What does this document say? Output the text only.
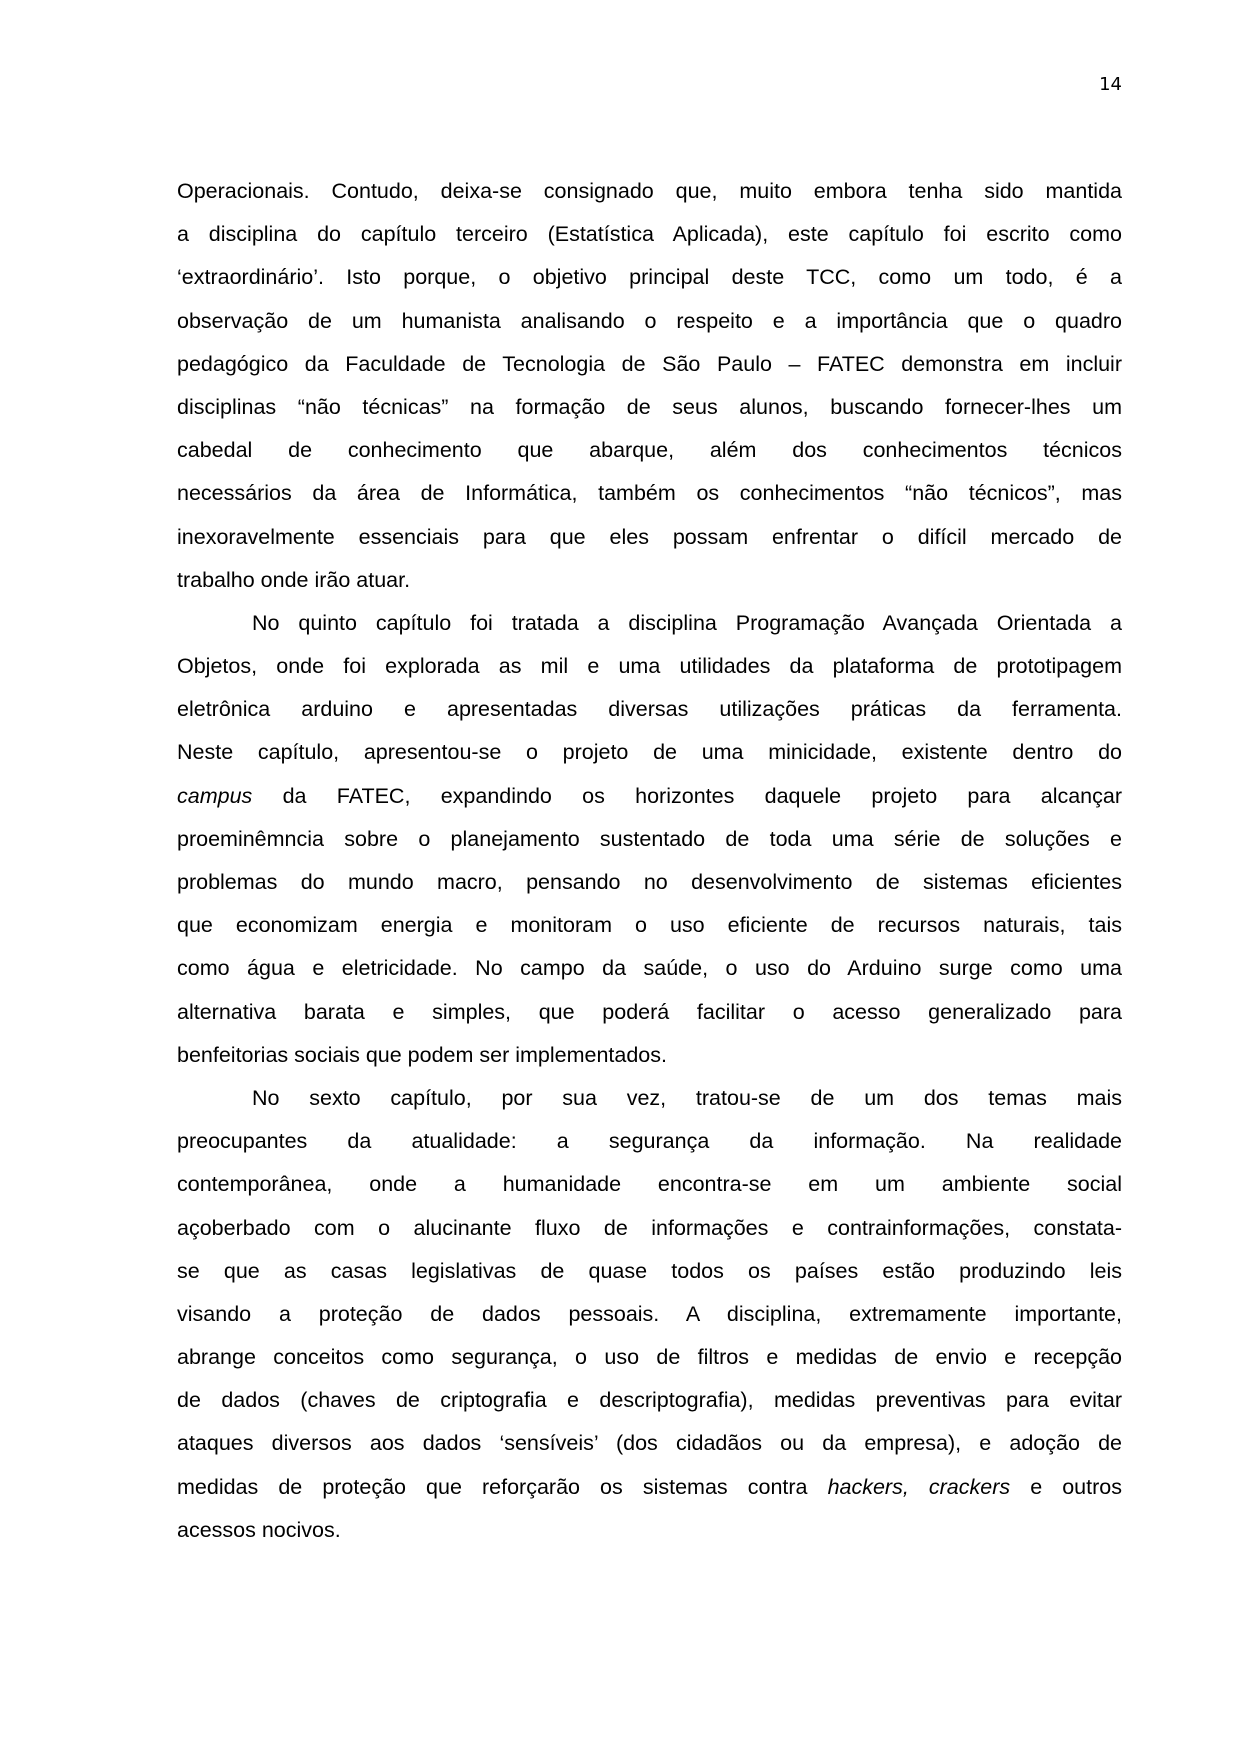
14
Operacionais. Contudo, deixa-se consignado que, muito embora tenha sido mantida
a disciplina do capítulo terceiro (Estatística Aplicada), este capítulo foi escrito como
‘extraordinário’. Isto porque, o objetivo principal deste TCC, como um todo, é a
observação de um humanista analisando o respeito e a importância que o quadro
pedagógico da Faculdade de Tecnologia de São Paulo – FATEC demonstra em incluir
disciplinas “não técnicas” na formação de seus alunos, buscando fornecer-lhes um
cabedal de conhecimento que abarque, além dos conhecimentos técnicos
necessários da área de Informática, também os conhecimentos “não técnicos”, mas
inexoravelmente essenciais para que eles possam enfrentar o difícil mercado de
trabalho onde irão atuar.
No quinto capítulo foi tratada a disciplina Programação Avançada Orientada a
Objetos, onde foi explorada as mil e uma utilidades da plataforma de prototipagem
eletrônica arduino e apresentadas diversas utilizações práticas da ferramenta.
Neste capítulo, apresentou-se o projeto de uma minicidade, existente dentro do
campus da FATEC, expandindo os horizontes daquele projeto para alcançar
proeminêmncia sobre o planejamento sustentado de toda uma série de soluções e
problemas do mundo macro, pensando no desenvolvimento de sistemas eficientes
que economizam energia e monitoram o uso eficiente de recursos naturais, tais
como água e eletricidade. No campo da saúde, o uso do Arduino surge como uma
alternativa barata e simples, que poderá facilitar o acesso generalizado para
benfeitorias sociais que podem ser implementados.
No sexto capítulo, por sua vez, tratou-se de um dos temas mais
preocupantes da atualidade: a segurança da informação. Na realidade
contemporânea, onde a humanidade encontra-se em um ambiente social
açoberbado com o alucinante fluxo de informações e contrainformações, constata-
se que as casas legislativas de quase todos os países estão produzindo leis
visando a proteção de dados pessoais. A disciplina, extremamente importante,
abrange conceitos como segurança, o uso de filtros e medidas de envio e recepção
de dados (chaves de criptografia e descriptografia), medidas preventivas para evitar
ataques diversos aos dados ‘sensíveis’ (dos cidadãos ou da empresa), e adoção de
medidas de proteção que reforçarão os sistemas contra hackers, crackers e outros
acessos nocivos.
